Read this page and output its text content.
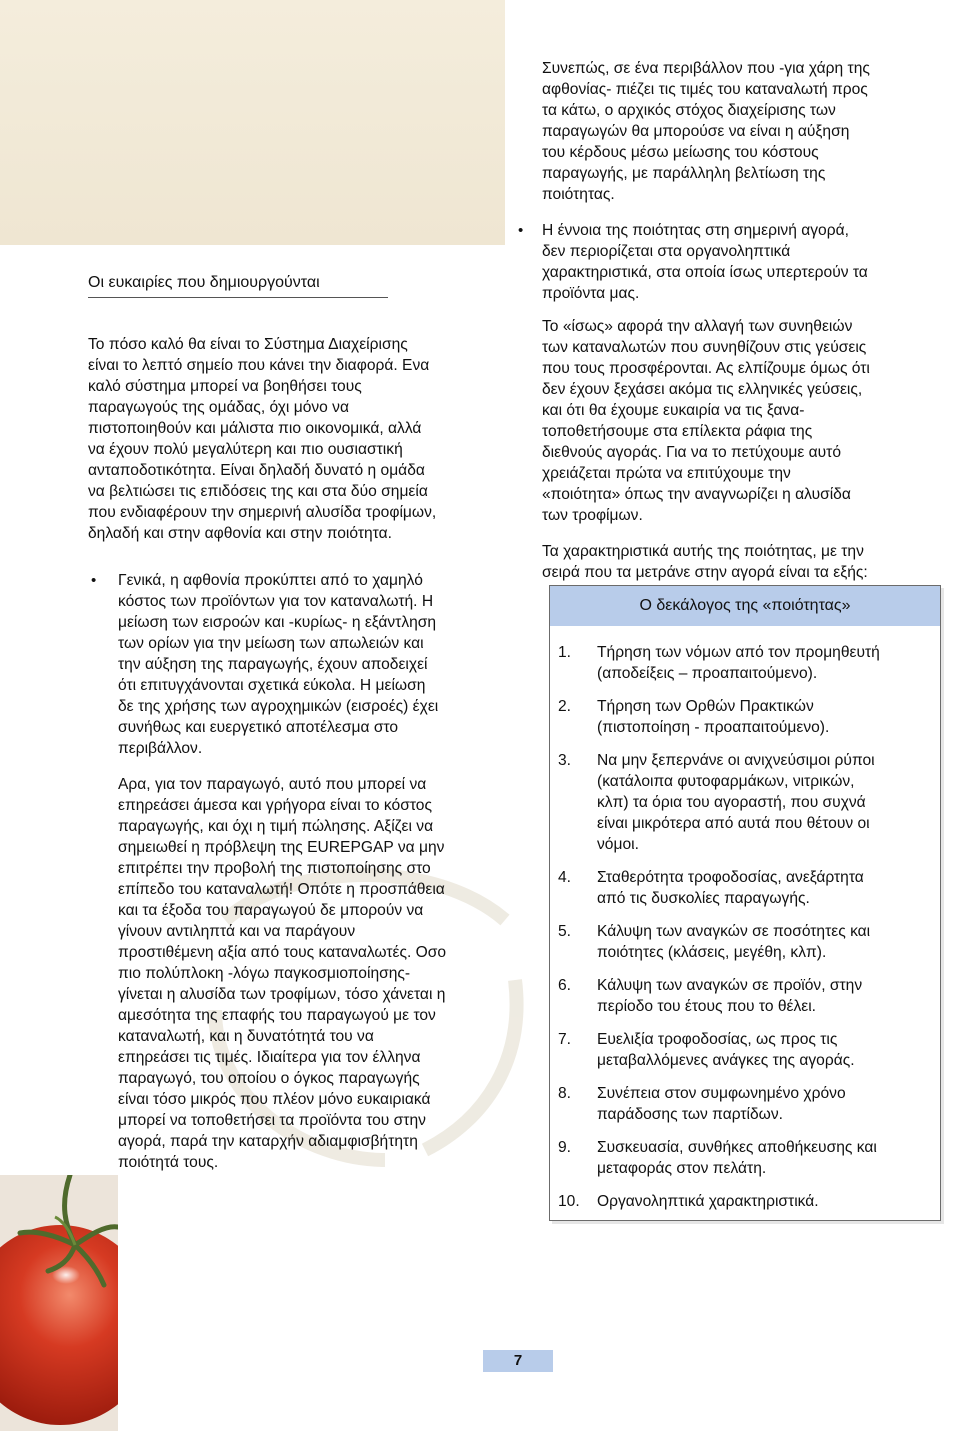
Οι ευκαιρίες που δημιουργούνται

Το πόσο καλό θα είναι το Σύστημα Διαχείρισης

είναι το λεπτό σημείο που κάνει την διαφορά. Ενα

καλό σύστημα μπορεί να βοηθήσει τους

παραγωγούς της ομάδας, όχι μόνο να

πιστοποιηθούν και μάλιστα πιο οικονομικά, αλλά

να έχουν πολύ μεγαλύτερη και πιο ουσιαστική

ανταποδοτικότητα. Είναι δηλαδή δυνατό η ομάδα

να βελτιώσει τις επιδόσεις της και στα δύο σημεία

που ενδιαφέρουν την σημερινή αλυσίδα τροφίμων,

δηλαδή και στην αφθονία και στην ποιότητα.

• Γενικά, η αφθονία προκύπτει από το χαμηλό
κόστος των προϊόντων για τον καταναλωτή. Η
μείωση των εισροών και -κυρίως- η εξάντληση
των ορίων για την μείωση των απωλειών και
την αύξηση της παραγωγής, έχουν αποδειχεί
ότι επιτυγχάνονται σχετικά εύκολα. Η μείωση
δε της χρήσης των αγροχημικών (εισροές) έχει
συνήθως και ευεργετικό αποτέλεσμα στο
περιβάλλον.
Αρα, για τον παραγωγό, αυτό που μπορεί να
επηρεάσει άμεσα και γρήγορα είναι το κόστος
παραγωγής, και όχι η τιμή πώλησης. Αξίζει να
σημειωθεί η πρόβλεψη της EUREPGAP να μην
επιτρέπει την προβολή της πιστοποίησης στο
επίπεδο του καταναλωτή! Οπότε η προσπάθεια
και τα έξοδα του παραγωγού δε μπορούν να
γίνουν αντιληπτά και να παράγουν
προστιθέμενη αξία από τους καταναλωτές. Οσο
πιο πολύπλοκη -λόγω παγκοσμιοποίησης-
γίνεται η αλυσίδα των τροφίμων, τόσο χάνεται η
αμεσότητα της επαφής του παραγωγού με τον
καταναλωτή, και η δυνατότητά του να
επηρεάσει τις τιμές. Ιδιαίτερα για τον έλληνα
παραγωγό, του οποίου ο όγκος παραγωγής
είναι τόσο μικρός που πλέον μόνο ευκαιριακά
μπορεί να τοποθετήσει τα προϊόντα του στην
αγορά, παρά την καταρχήν αδιαμφισβήτητη
ποιότητά τους.
Συνεπώς, σε ένα περιβάλλον που -για χάρη της
αφθονίας- πιέζει τις τιμές του καταναλωτή προς
τα κάτω, ο αρχικός στόχος διαχείρισης των
παραγωγών θα μπορούσε να είναι η αύξηση
του κέρδους μέσω μείωσης του κόστους
παραγωγής, με παράλληλη βελτίωση της
ποιότητας.
• Η έννοια της ποιότητας στη σημερινή αγορά,
δεν περιορίζεται στα οργανοληπτικά
χαρακτηριστικά, στα οποία ίσως υπερτερούν τα
προϊόντα μας.
Το «ίσως» αφορά την αλλαγή των συνηθειών
των καταναλωτών που συνηθίζουν στις γεύσεις
που τους προσφέρονται. Ας ελπίζουμε όμως ότι
δεν έχουν ξεχάσει ακόμα τις ελληνικές γεύσεις,
και ότι θα έχουμε ευκαιρία να τις ξανα-
τοποθετήσουμε στα επίλεκτα ράφια της
διεθνούς αγοράς. Για να το πετύχουμε αυτό
χρειάζεται πρώτα να επιτύχουμε την
«ποιότητα» όπως την αναγνωρίζει η αλυσίδα
των τροφίμων.
Τα χαρακτηριστικά αυτής της ποιότητας, με την
σειρά που τα μετράνε στην αγορά είναι τα εξής:
Ο δεκάλογος της «ποιότητας»
1. Τήρηση των νόμων από τον προμηθευτή
(αποδείξεις – προαπαιτούμενο).
2. Τήρηση των Ορθών Πρακτικών
(πιστοποίηση - προαπαιτούμενο).
3. Να μην ξεπερνάνε οι ανιχνεύσιμοι ρύποι
(κατάλοιπα φυτοφαρμάκων, νιτρικών,
κλπ) τα όρια του αγοραστή, που συχνά
είναι μικρότερα από αυτά που θέτουν οι
νόμοι.
4. Σταθερότητα τροφοδοσίας, ανεξάρτητα
από τις δυσκολίες παραγωγής.
5. Κάλυψη των αναγκών σε ποσότητες και
ποιότητες (κλάσεις, μεγέθη, κλπ).
6. Κάλυψη των αναγκών σε προϊόν, στην
περίοδο του έτους που το θέλει.
7. Ευελιξία τροφοδοσίας, ως προς τις
μεταβαλλόμενες ανάγκες της αγοράς.
8. Συνέπεια στον συμφωνημένο χρόνο
παράδοσης των παρτίδων.
9. Συσκευασία, συνθήκες αποθήκευσης και
μεταφοράς στον πελάτη.
10. Οργανοληπτικά χαρακτηριστικά.
7
